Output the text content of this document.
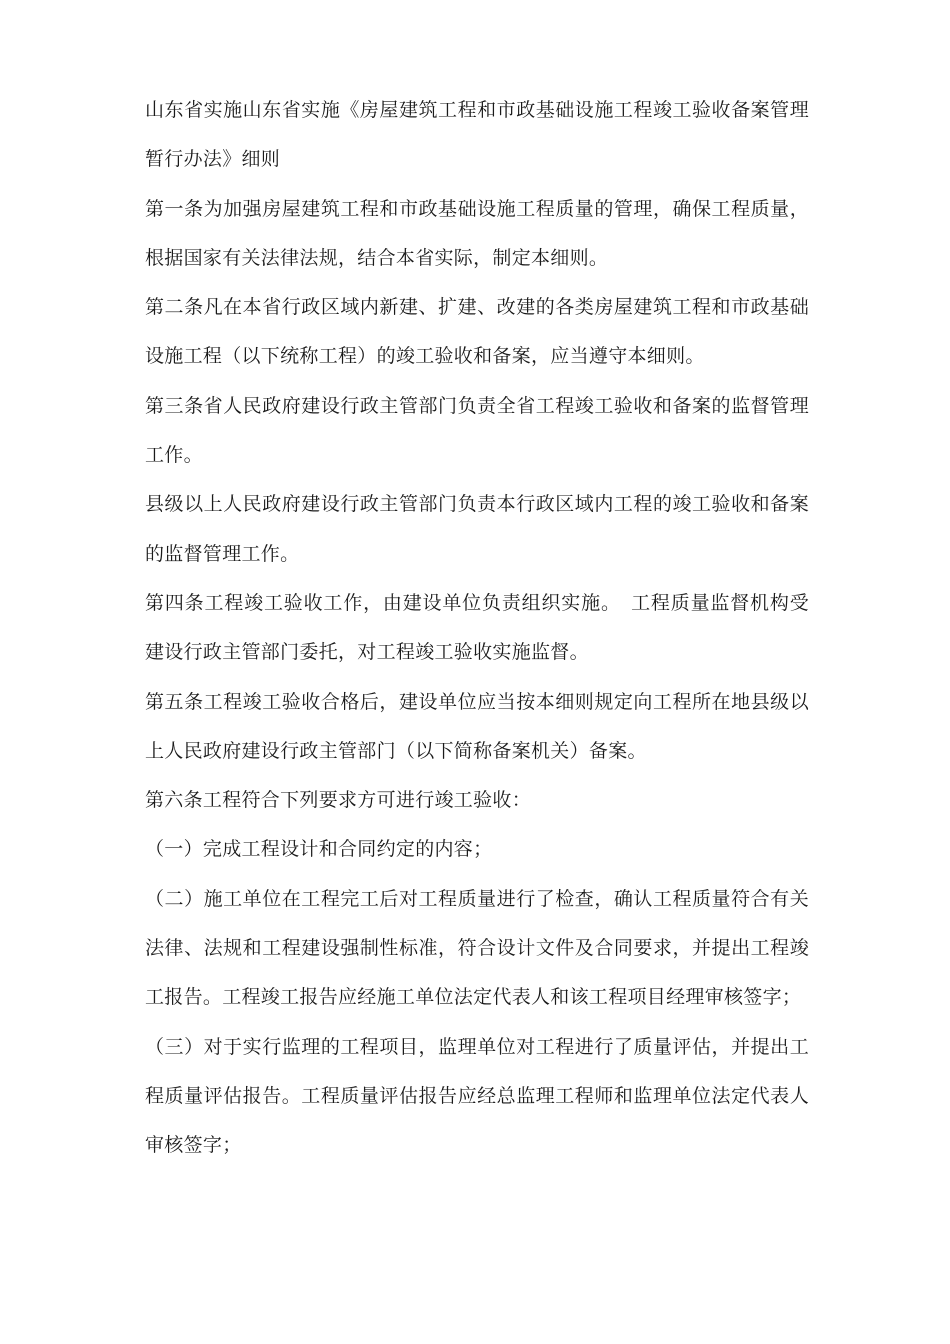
山东省实施山东省实施《房屋建筑工程和市政基础设施工程竣工验收备案管理暂行办法》细则

第一条为加强房屋建筑工程和市政基础设施工程质量的管理，确保工程质量，根据国家有关法律法规，结合本省实际，制定本细则。

第二条凡在本省行政区域内新建、扩建、改建的各类房屋建筑工程和市政基础设施工程（以下统称工程）的竣工验收和备案，应当遵守本细则。

第三条省人民政府建设行政主管部门负责全省工程竣工验收和备案的监督管理工作。

县级以上人民政府建设行政主管部门负责本行政区域内工程的竣工验收和备案的监督管理工作。

第四条工程竣工验收工作，由建设单位负责组织实施。　工程质量监督机构受建设行政主管部门委托，对工程竣工验收实施监督。

第五条工程竣工验收合格后，建设单位应当按本细则规定向工程所在地县级以上人民政府建设行政主管部门（以下简称备案机关）备案。

第六条工程符合下列要求方可进行竣工验收：

（一）完成工程设计和合同约定的内容；

（二）施工单位在工程完工后对工程质量进行了检查，确认工程质量符合有关法律、法规和工程建设强制性标准，符合设计文件及合同要求，并提出工程竣工报告。工程竣工报告应经施工单位法定代表人和该工程项目经理审核签字；

（三）对于实行监理的工程项目，监理单位对工程进行了质量评估，并提出工程质量评估报告。工程质量评估报告应经总监理工程师和监理单位法定代表人审核签字；
